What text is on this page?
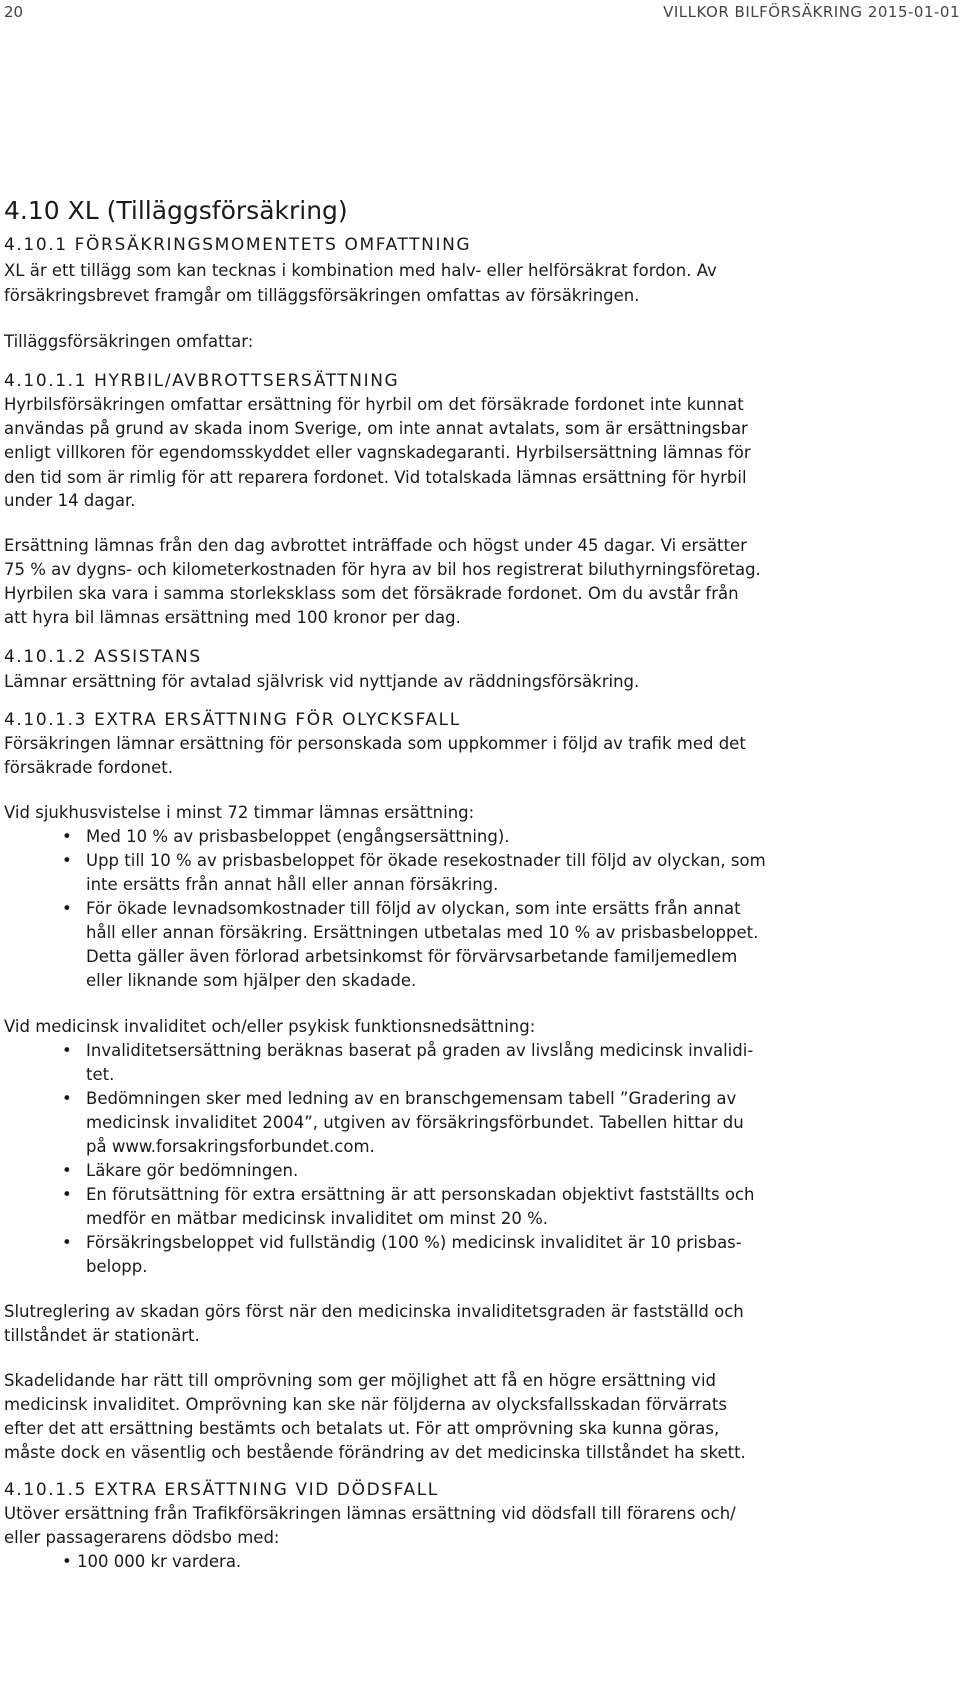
20	VILLKOR BILFÖRSÄKRING 2015-01-01
4.10 XL (Tilläggsförsäkring)
4.10.1 FÖRSÄKRINGSMOMENTETS OMFATTNING
XL är ett tillägg som kan tecknas i kombination med halv- eller helförsäkrat fordon. Av
försäkringsbrevet framgår om tilläggsförsäkringen omfattas av försäkringen.
Tilläggsförsäkringen omfattar:
4.10.1.1 HYRBIL/AVBROTTSERSÄTTNING
Hyrbilsförsäkringen omfattar ersättning för hyrbil om det försäkrade fordonet inte kunnat
användas på grund av skada inom Sverige, om inte annat avtalats, som är ersättningsbar
enligt villkoren för egendomsskyddet eller vagnskadegaranti. Hyrbilsersättning lämnas för
den tid som är rimlig för att reparera fordonet. Vid totalskada lämnas ersättning för hyrbil
under 14 dagar.
Ersättning lämnas från den dag avbrottet inträffade och högst under 45 dagar. Vi ersätter
75 % av dygns- och kilometerkostnaden för hyra av bil hos registrerat biluthyrningsföretag.
Hyrbilen ska vara i samma storleksklass som det försäkrade fordonet. Om du avstår från
att hyra bil lämnas ersättning med 100 kronor per dag.
4.10.1.2 ASSISTANS
Lämnar ersättning för avtalad självrisk vid nyttjande av räddningsförsäkring.
4.10.1.3 EXTRA ERSÄTTNING FÖR OLYCKSFALL
Försäkringen lämnar ersättning för personskada som uppkommer i följd av trafik med det
försäkrade fordonet.
Vid sjukhusvistelse i minst 72 timmar lämnas ersättning:
• Med 10 % av prisbasbeloppet (engångsersättning).
• Upp till 10 % av prisbasbeloppet för ökade resekostnader till följd av olyckan, som
inte ersätts från annat håll eller annan försäkring.
• För ökade levnadsomkostnader till följd av olyckan, som inte ersätts från annat
håll eller annan försäkring. Ersättningen utbetalas med 10 % av prisbasbeloppet.
Detta gäller även förlorad arbetsinkomst för förvärvsarbetande familjemedlem
eller liknande som hjälper den skadade.
Vid medicinsk invaliditet och/eller psykisk funktionsnedsättning:
• Invaliditetsersättning beräknas baserat på graden av livslång medicinsk invalidi-
tet.
• Bedömningen sker med ledning av en branschgemensam tabell ”Gradering av
medicinsk invaliditet 2004”, utgiven av försäkringsförbundet. Tabellen hittar du
på www.forsakringsforbundet.com.
• Läkare gör bedömningen.
• En förutsättning för extra ersättning är att personskadan objektivt fastställts och
medför en mätbar medicinsk invaliditet om minst 20 %.
• Försäkringsbeloppet vid fullständig (100 %) medicinsk invaliditet är 10 prisbas-
belopp.
Slutreglering av skadan görs först när den medicinska invaliditetsgraden är fastställd och
tillståndet är stationärt.
Skadelidande har rätt till omprövning som ger möjlighet att få en högre ersättning vid
medicinsk invaliditet. Omprövning kan ske när följderna av olycksfallsskadan förvärrats
efter det att ersättning bestämts och betalats ut. För att omprövning ska kunna göras,
måste dock en väsentlig och bestående förändring av det medicinska tillståndet ha skett.
4.10.1.5 EXTRA ERSÄTTNING VID DÖDSFALL
Utöver ersättning från Trafikförsäkringen lämnas ersättning vid dödsfall till förarens och/
eller passagerarens dödsbo med:
• 100 000 kr vardera.
